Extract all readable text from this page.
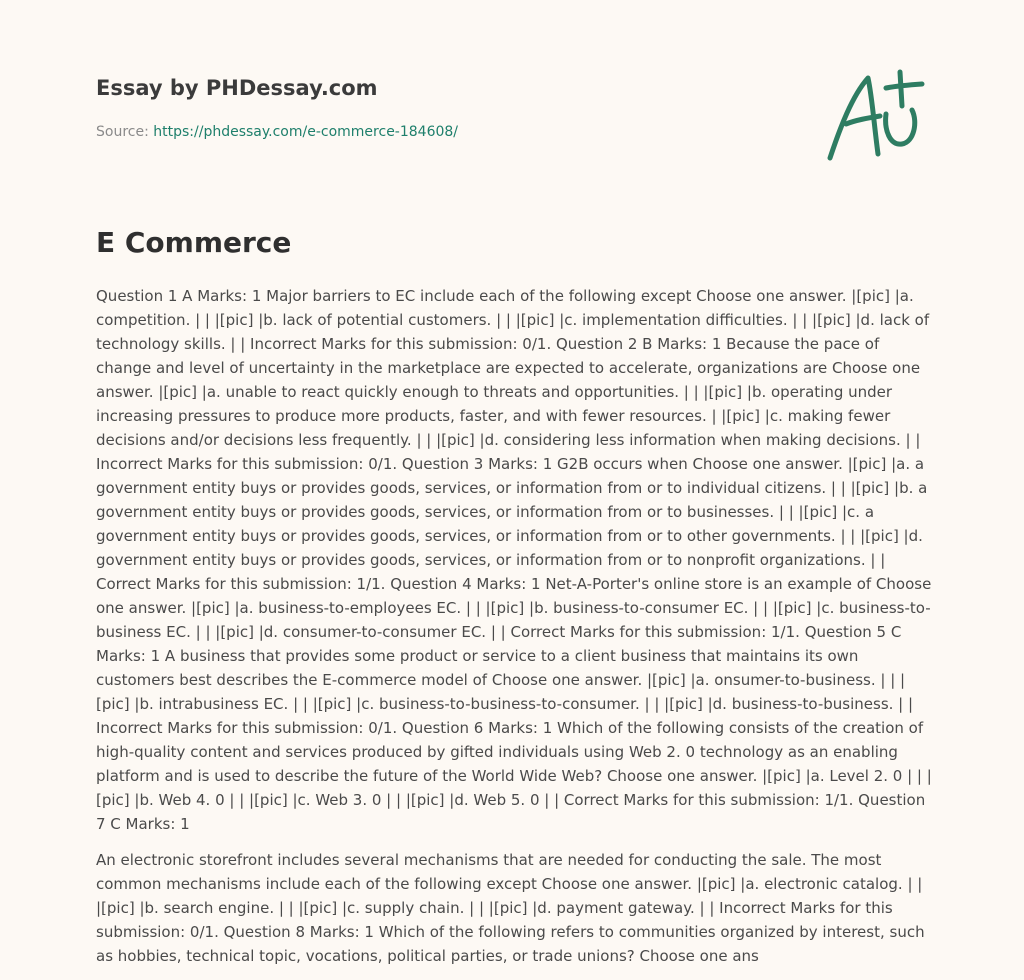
Essay by PHDessay.com
Source: https://phdessay.com/e-commerce-184608/
E Commerce

Question 1 A Marks: 1 Major barriers to EC include each of the following except Choose one answer. |[pic] |a. competition. | | |[pic] |b. lack of potential customers. | | |[pic] |c. implementation difficulties. | | |[pic] |d. lack of technology skills. | | Incorrect Marks for this submission: 0/1. Question 2 B Marks: 1 Because the pace of change and level of uncertainty in the marketplace are expected to accelerate, organizations are Choose one answer. |[pic] |a. unable to react quickly enough to threats and opportunities. | | |[pic] |b. operating under increasing pressures to produce more products, faster, and with fewer resources. | |[pic] |c. making fewer decisions and/or decisions less frequently. | | |[pic] |d. considering less information when making decisions. | | Incorrect Marks for this submission: 0/1. Question 3 Marks: 1 G2B occurs when Choose one answer. |[pic] |a. a government entity buys or provides goods, services, or information from or to individual citizens. | | |[pic] |b. a government entity buys or provides goods, services, or information from or to businesses. | | |[pic] |c. a government entity buys or provides goods, services, or information from or to other governments. | | |[pic] |d. government entity buys or provides goods, services, or information from or to nonprofit organizations. | | Correct Marks for this submission: 1/1. Question 4 Marks: 1 Net-A-Porter's online store is an example of Choose one answer. |[pic] |a. business-to-employees EC. | | |[pic] |b. business-to-consumer EC. | | |[pic] |c. business-to-business EC. | | |[pic] |d. consumer-to-consumer EC. | | Correct Marks for this submission: 1/1. Question 5 C Marks: 1 A business that provides some product or service to a client business that maintains its own customers best describes the E-commerce model of Choose one answer. |[pic] |a. onsumer-to-business. | | |[pic] |b. intrabusiness EC. | | |[pic] |c. business-to-business-to-consumer. | | |[pic] |d. business-to-business. | | Incorrect Marks for this submission: 0/1. Question 6 Marks: 1 Which of the following consists of the creation of high-quality content and services produced by gifted individuals using Web 2. 0 technology as an enabling platform and is used to describe the future of the World Wide Web? Choose one answer. |[pic] |a. Level 2. 0 | | |[pic] |b. Web 4. 0 | | |[pic] |c. Web 3. 0 | | |[pic] |d. Web 5. 0 | | Correct Marks for this submission: 1/1. Question 7 C Marks: 1

An electronic storefront includes several mechanisms that are needed for conducting the sale. The most common mechanisms include each of the following except Choose one answer. |[pic] |a. electronic catalog. | | |[pic] |b. search engine. | | |[pic] |c. supply chain. | | |[pic] |d. payment gateway. | | Incorrect Marks for this submission: 0/1. Question 8 Marks: 1 Which of the following refers to communities organized by interest, such as hobbies, technical topic, vocations, political parties, or trade unions? Choose one ans
